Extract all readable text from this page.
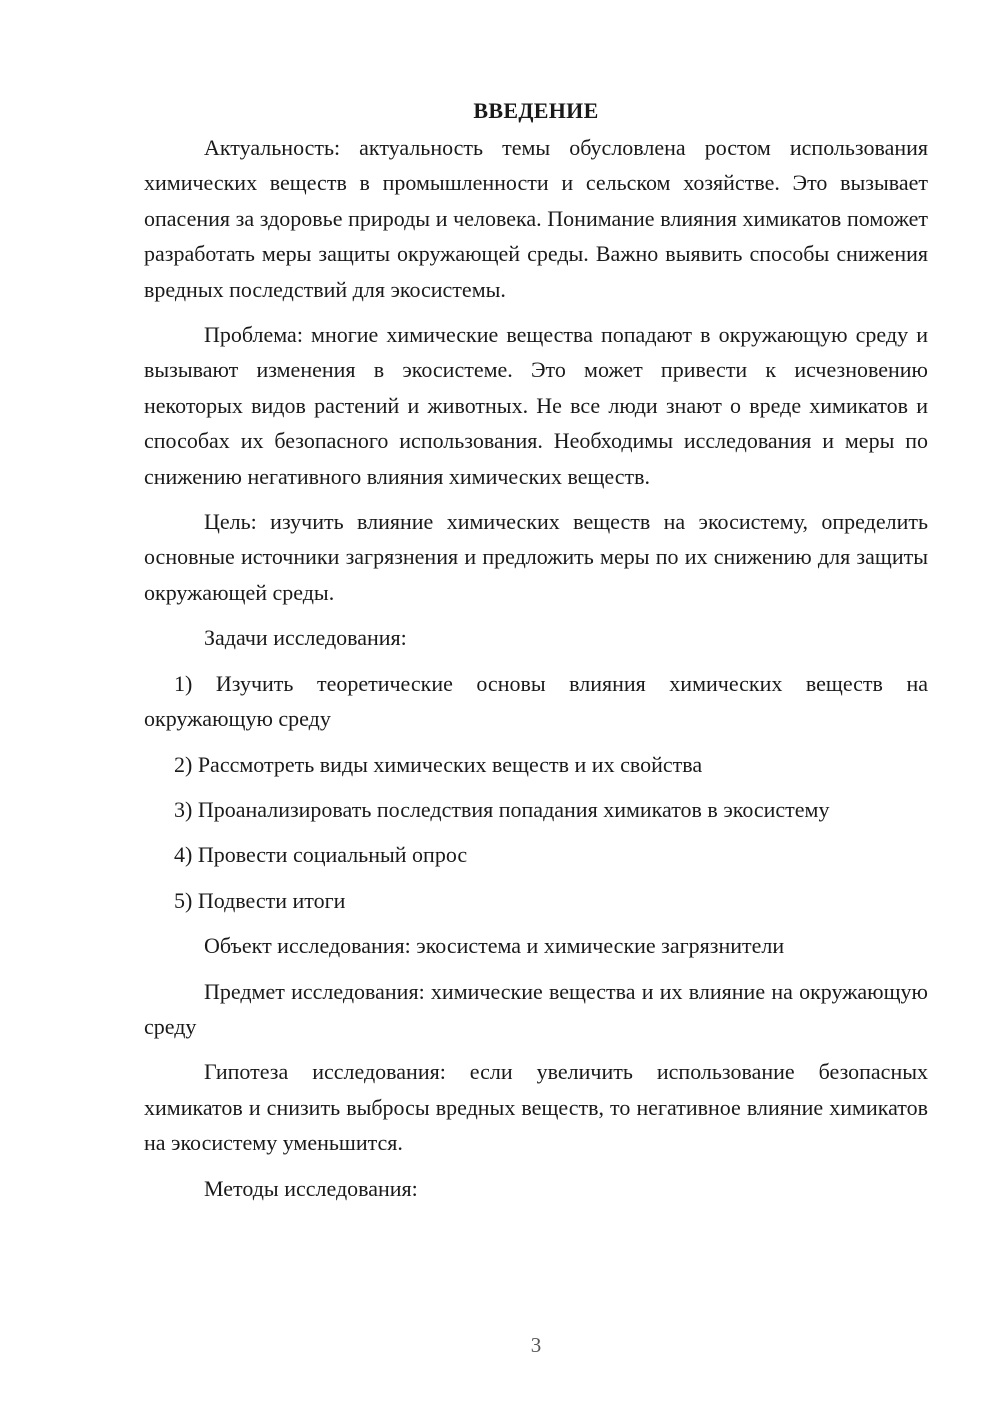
ВВЕДЕНИЕ

Актуальность: актуальность темы обусловлена ростом использования химических веществ в промышленности и сельском хозяйстве. Это вызывает опасения за здоровье природы и человека. Понимание влияния химикатов поможет разработать меры защиты окружающей среды. Важно выявить способы снижения вредных последствий для экосистемы.

Проблема: многие химические вещества попадают в окружающую среду и вызывают изменения в экосистеме. Это может привести к исчезновению некоторых видов растений и животных. Не все люди знают о вреде химикатов и способах их безопасного использования. Необходимы исследования и меры по снижению негативного влияния химических веществ.

Цель: изучить влияние химических веществ на экосистему, определить основные источники загрязнения и предложить меры по их снижению для защиты окружающей среды.

Задачи исследования:

1) Изучить теоретические основы влияния химических веществ на окружающую среду

2) Рассмотреть виды химических веществ и их свойства

3) Проанализировать последствия попадания химикатов в экосистему

4) Провести социальный опрос

5) Подвести итоги

Объект исследования: экосистема и химические загрязнители

Предмет исследования: химические вещества и их влияние на окружающую среду

Гипотеза исследования: если увеличить использование безопасных химикатов и снизить выбросы вредных веществ, то негативное влияние химикатов на экосистему уменьшится.

Методы исследования:

3
